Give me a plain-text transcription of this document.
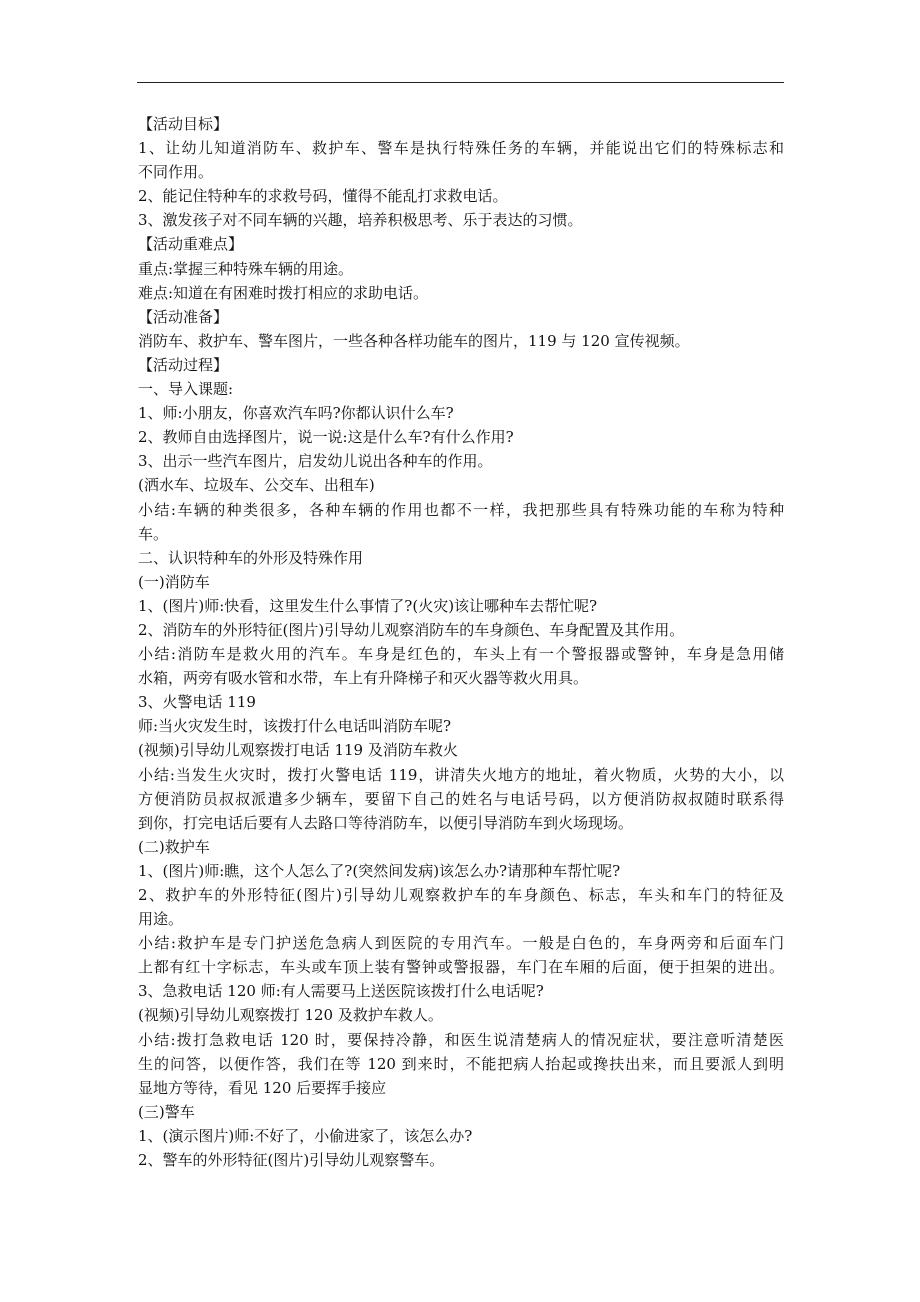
【活动目标】
1、让幼儿知道消防车、救护车、警车是执行特殊任务的车辆，并能说出它们的特殊标志和
不同作用。
2、能记住特种车的求救号码，懂得不能乱打求救电话。
3、激发孩子对不同车辆的兴趣，培养积极思考、乐于表达的习惯。
【活动重难点】
重点:掌握三种特殊车辆的用途。
难点:知道在有困难时拨打相应的求助电话。
【活动准备】
消防车、救护车、警车图片，一些各种各样功能车的图片，119 与 120 宣传视频。
【活动过程】
一、导入课题:
1、师:小朋友，你喜欢汽车吗?你都认识什么车?
2、教师自由选择图片，说一说:这是什么车?有什么作用?
3、出示一些汽车图片，启发幼儿说出各种车的作用。
(洒水车、垃圾车、公交车、出租车)
小结:车辆的种类很多，各种车辆的作用也都不一样，我把那些具有特殊功能的车称为特种
车。
二、认识特种车的外形及特殊作用
(一)消防车
1、(图片)师:快看，这里发生什么事情了?(火灾)该让哪种车去帮忙呢?
2、消防车的外形特征(图片)引导幼儿观察消防车的车身颜色、车身配置及其作用。
小结:消防车是救火用的汽车。车身是红色的，车头上有一个警报器或警钟，车身是急用储
水箱，两旁有吸水管和水带，车上有升降梯子和灭火器等救火用具。
3、火警电话 119
师:当火灾发生时，该拨打什么电话叫消防车呢?
(视频)引导幼儿观察拨打电话 119 及消防车救火
小结:当发生火灾时，拨打火警电话 119，讲清失火地方的地址，着火物质，火势的大小，以
方便消防员叔叔派遣多少辆车，要留下自己的姓名与电话号码，以方便消防叔叔随时联系得
到你，打完电话后要有人去路口等待消防车，以便引导消防车到火场现场。
(二)救护车
1、(图片)师:瞧，这个人怎么了?(突然间发病)该怎么办?请那种车帮忙呢?
2、救护车的外形特征(图片)引导幼儿观察救护车的车身颜色、标志，车头和车门的特征及
用途。
小结:救护车是专门护送危急病人到医院的专用汽车。一般是白色的，车身两旁和后面车门
上都有红十字标志，车头或车顶上装有警钟或警报器，车门在车厢的后面，便于担架的进出。
3、急救电话 120 师:有人需要马上送医院该拨打什么电话呢?
(视频)引导幼儿观察拨打 120 及救护车救人。
小结:拨打急救电话 120 时，要保持冷静，和医生说清楚病人的情况症状，要注意听清楚医
生的问答，以便作答，我们在等 120 到来时，不能把病人抬起或搀扶出来，而且要派人到明
显地方等待，看见 120 后要挥手接应
(三)警车
1、(演示图片)师:不好了，小偷进家了，该怎么办?
2、警车的外形特征(图片)引导幼儿观察警车。
